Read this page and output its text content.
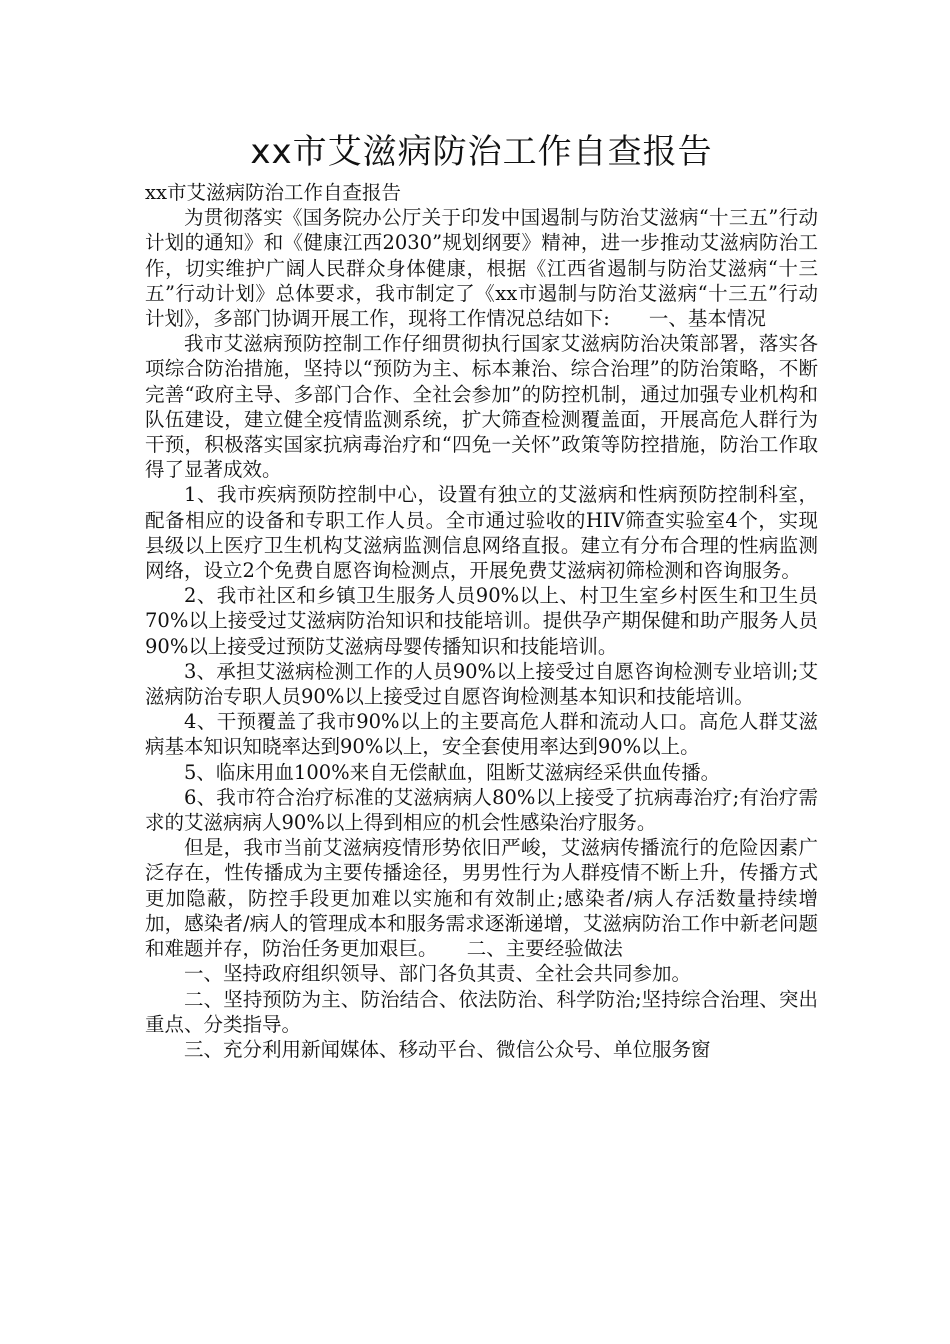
xx市艾滋病防治工作自查报告

xx市艾滋病防治工作自查报告

为贯彻落实《国务院办公厅关于印发中国遏制与防治艾滋病“十三五”行动计划的通知》和《健康江西2030”规划纲要》精神，进一步推动艾滋病防治工作，切实维护广阔人民群众身体健康，根据《江西省遏制与防治艾滋病“十三五”行动计划》总体要求，我市制定了《xx市遏制与防治艾滋病“十三五”行动计划》，多部门协调开展工作，现将工作情况总结如下:　　一、基本情况

我市艾滋病预防控制工作仔细贯彻执行国家艾滋病防治决策部署，落实各项综合防治措施，坚持以“预防为主、标本兼治、综合治理”的防治策略，不断完善“政府主导、多部门合作、全社会参加”的防控机制，通过加强专业机构和队伍建设，建立健全疫情监测系统，扩大筛查检测覆盖面，开展高危人群行为干预，积极落实国家抗病毒治疗和“四免一关怀”政策等防控措施，防治工作取得了显著成效。

1、我市疾病预防控制中心，设置有独立的艾滋病和性病预防控制科室，配备相应的设备和专职工作人员。全市通过验收的HIV筛查实验室4个，实现县级以上医疗卫生机构艾滋病监测信息网络直报。建立有分布合理的性病监测网络，设立2个免费自愿咨询检测点，开展免费艾滋病初筛检测和咨询服务。

2、我市社区和乡镇卫生服务人员90%以上、村卫生室乡村医生和卫生员70%以上接受过艾滋病防治知识和技能培训。提供孕产期保健和助产服务人员90%以上接受过预防艾滋病母婴传播知识和技能培训。

3、承担艾滋病检测工作的人员90%以上接受过自愿咨询检测专业培训;艾滋病防治专职人员90%以上接受过自愿咨询检测基本知识和技能培训。

4、干预覆盖了我市90%以上的主要高危人群和流动人口。高危人群艾滋病基本知识知晓率达到90%以上，安全套使用率达到90%以上。

5、临床用血100%来自无偿献血，阻断艾滋病经采供血传播。

6、我市符合治疗标准的艾滋病病人80%以上接受了抗病毒治疗;有治疗需求的艾滋病病人90%以上得到相应的机会性感染治疗服务。

但是，我市当前艾滋病疫情形势依旧严峻，艾滋病传播流行的危险因素广泛存在，性传播成为主要传播途径，男男性行为人群疫情不断上升，传播方式更加隐蔽，防控手段更加难以实施和有效制止;感染者/病人存活数量持续增加，感染者/病人的管理成本和服务需求逐渐递增，艾滋病防治工作中新老问题和难题并存，防治任务更加艰巨。　　二、主要经验做法

一、坚持政府组织领导、部门各负其责、全社会共同参加。

二、坚持预防为主、防治结合、依法防治、科学防治;坚持综合治理、突出重点、分类指导。

三、充分利用新闻媒体、移动平台、微信公众号、单位服务窗
